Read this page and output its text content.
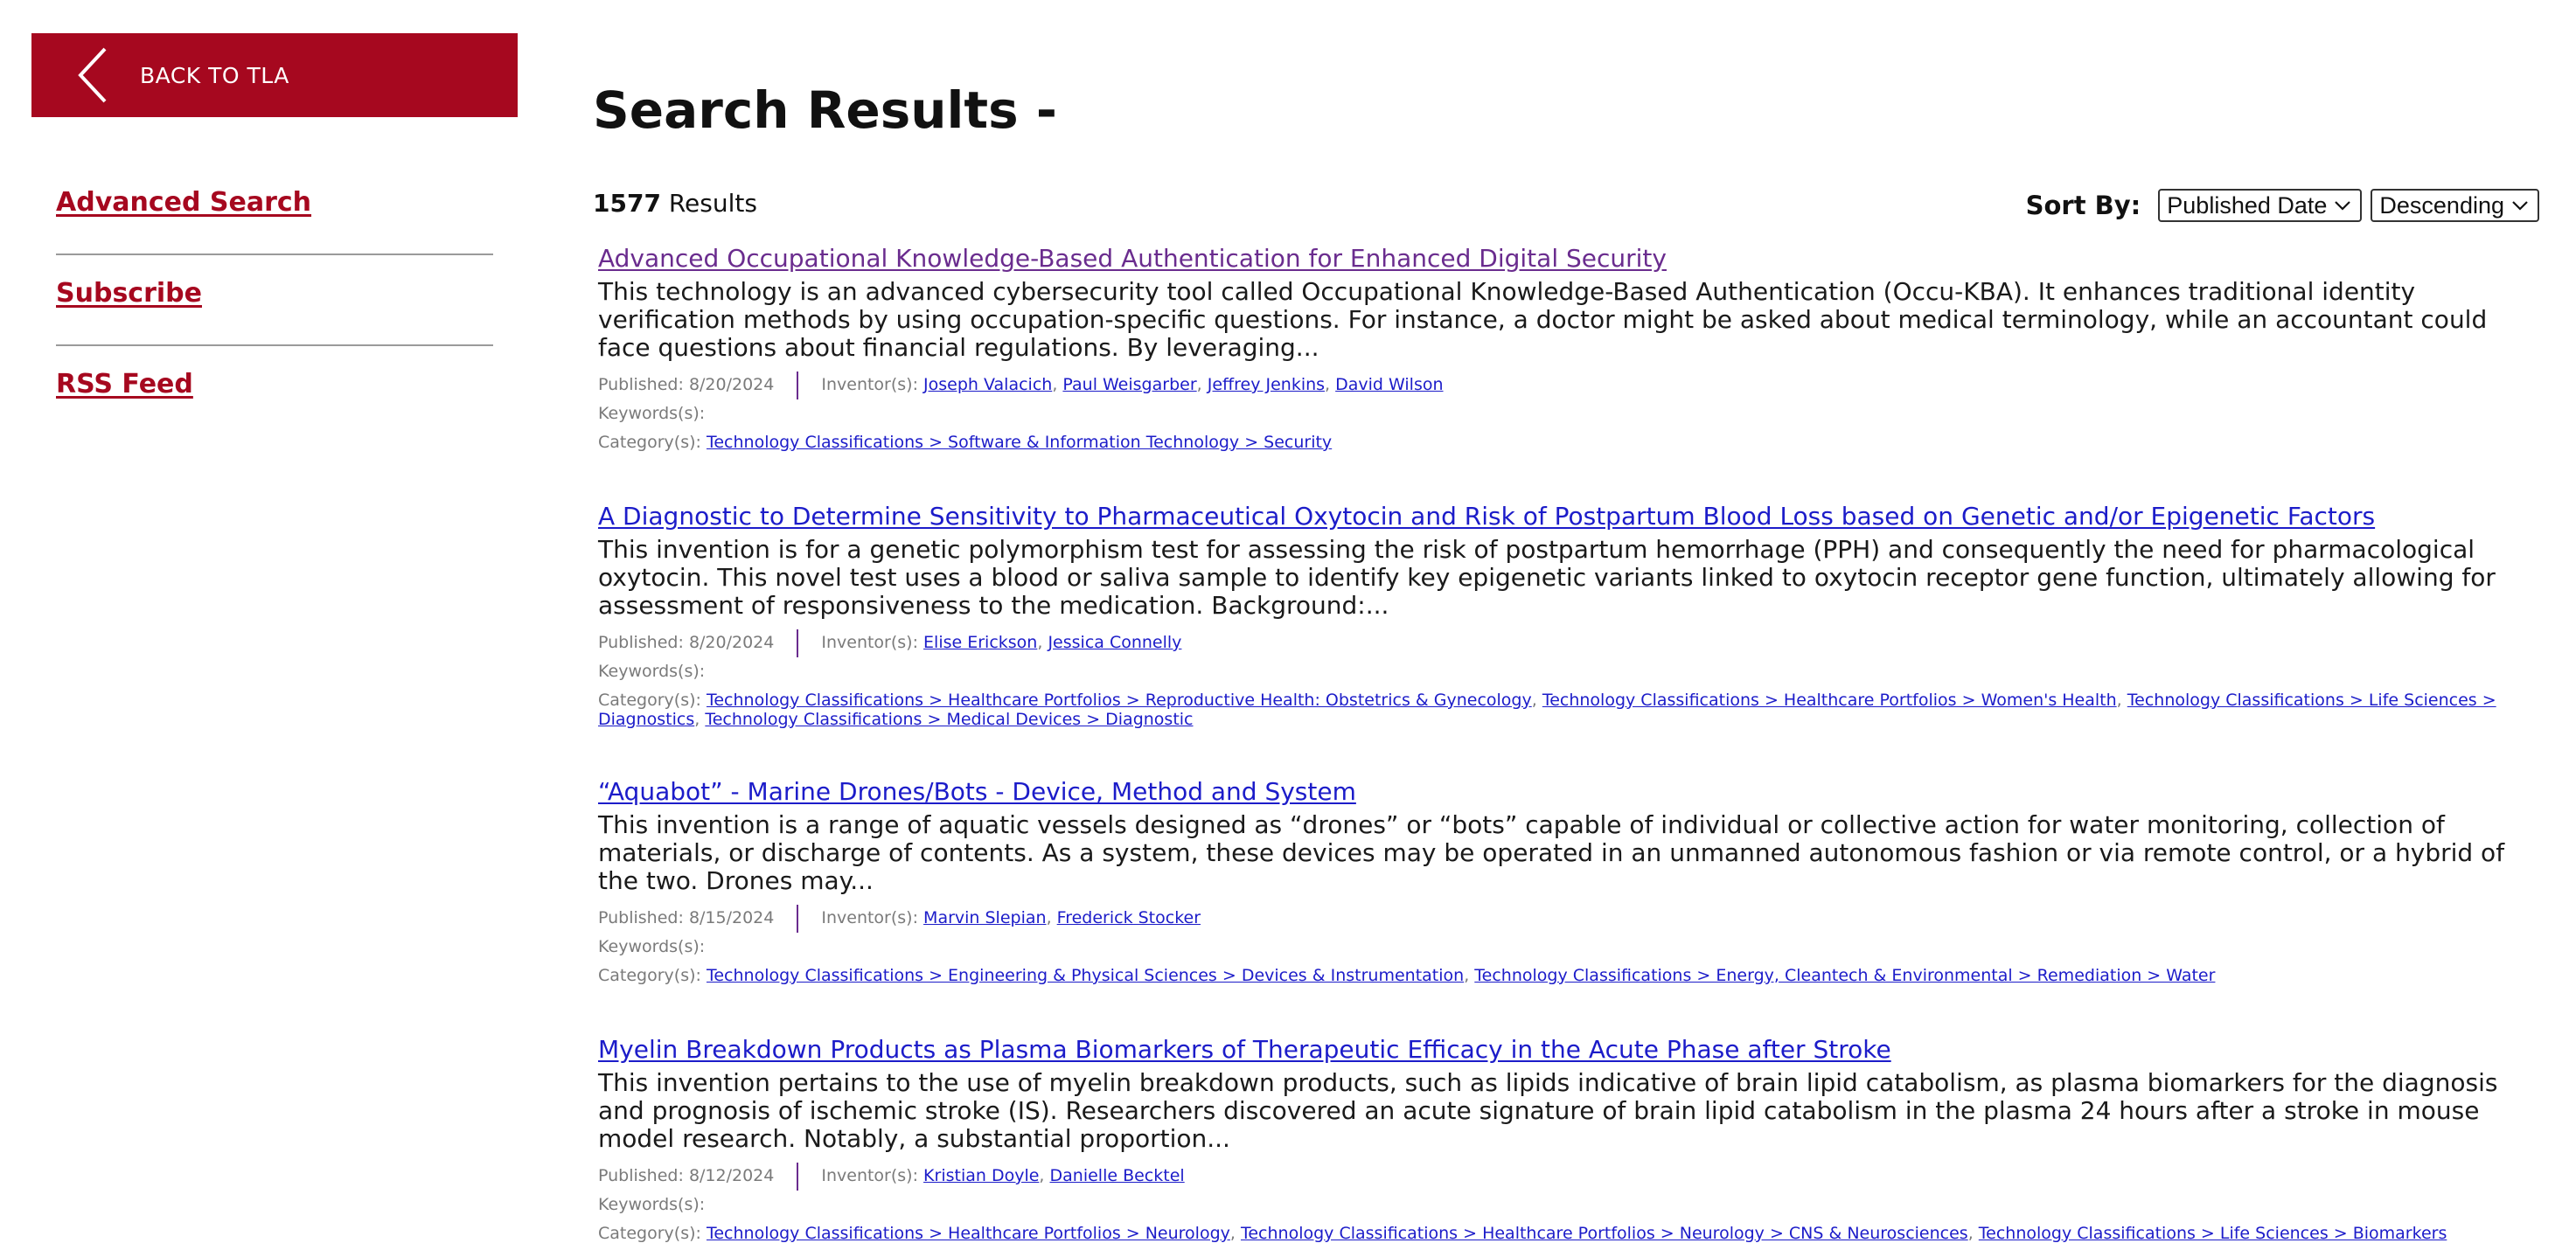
BACK TO TLA
Advanced Search
Subscribe
RSS Feed
Search Results -
1577 Results	Sort By: Published Date Descending
Advanced Occupational Knowledge-Based Authentication for Enhanced Digital Security
This technology is an advanced cybersecurity tool called Occupational Knowledge-Based Authentication (Occu-KBA). It enhances traditional identity verification methods by using occupation-specific questions. For instance, a doctor might be asked about medical terminology, while an accountant could face questions about financial regulations. By leveraging...
Published: 8/20/2024	Inventor(s): Joseph Valacich, Paul Weisgarber, Jeffrey Jenkins, David Wilson
Keywords(s):
Category(s): Technology Classifications > Software & Information Technology > Security
A Diagnostic to Determine Sensitivity to Pharmaceutical Oxytocin and Risk of Postpartum Blood Loss based on Genetic and/or Epigenetic Factors
This invention is for a genetic polymorphism test for assessing the risk of postpartum hemorrhage (PPH) and consequently the need for pharmacological oxytocin. This novel test uses a blood or saliva sample to identify key epigenetic variants linked to oxytocin receptor gene function, ultimately allowing for assessment of responsiveness to the medication. Background:...
Published: 8/20/2024	Inventor(s): Elise Erickson, Jessica Connelly
Keywords(s):
Category(s): Technology Classifications > Healthcare Portfolios > Reproductive Health: Obstetrics & Gynecology, Technology Classifications > Healthcare Portfolios > Women's Health, Technology Classifications > Life Sciences > Diagnostics, Technology Classifications > Medical Devices > Diagnostic
“Aquabot” - Marine Drones/Bots - Device, Method and System
This invention is a range of aquatic vessels designed as “drones” or “bots” capable of individual or collective action for water monitoring, collection of materials, or discharge of contents. As a system, these devices may be operated in an unmanned autonomous fashion or via remote control, or a hybrid of the two. Drones may...
Published: 8/15/2024	Inventor(s): Marvin Slepian, Frederick Stocker
Keywords(s):
Category(s): Technology Classifications > Engineering & Physical Sciences > Devices & Instrumentation, Technology Classifications > Energy, Cleantech & Environmental > Remediation > Water
Myelin Breakdown Products as Plasma Biomarkers of Therapeutic Efficacy in the Acute Phase after Stroke
This invention pertains to the use of myelin breakdown products, such as lipids indicative of brain lipid catabolism, as plasma biomarkers for the diagnosis and prognosis of ischemic stroke (IS). Researchers discovered an acute signature of brain lipid catabolism in the plasma 24 hours after a stroke in mouse model research. Notably, a substantial proportion...
Published: 8/12/2024	Inventor(s): Kristian Doyle, Danielle Becktel
Keywords(s):
Category(s): Technology Classifications > Healthcare Portfolios > Neurology, Technology Classifications > Healthcare Portfolios > Neurology > CNS & Neurosciences, Technology Classifications > Life Sciences > Biomarkers
